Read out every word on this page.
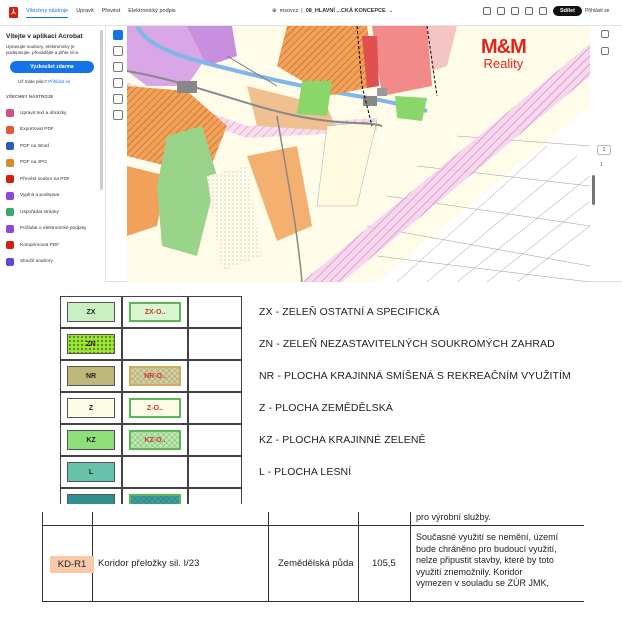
⅄	Všechny nástroje Upravit Převést Elektronický podpis	⊕ msovcz | 08_HLAVNÍ ...CKÁ KONCEPCE ⌄	Sdílet	Přihlásit se
Vítejte v aplikaci Acrobat
Upravujte soubory, elektronicky je podepisujte, převádějte a plňte více.
Vyzkoušet zdarma
Už máte plán? Přihlásit se
VŠECHNY NÁSTROJE
Upravit text a obrázky
Exportovat PDF
PDF na Word
PDF na JPG
Převést soubor na PDF
Vyplnit a podepsat
Uspořádat stránky
Požádat o elektronické podpisy
Komprimovat PDF
Sloučit soubory
M&M
Reality
1
1
ZX	ZX-O..	ZX - ZELEŇ OSTATNÍ A SPECIFICKÁ
ZN	ZN - ZELEŇ NEZASTAVITELNÝCH SOUKROMÝCH ZAHRAD
NR	NR-O..	NR - PLOCHA KRAJINNÁ SMÍŠENÁ S REKREAČNÍM VYUŽITÍM
Z	Z-O..	Z - PLOCHA ZEMĚDĚLSKÁ
KZ	KZ-O..	KZ - PLOCHA KRAJINNÉ ZELENĚ
L	L - PLOCHA LESNÍ
pro výrobní služby.
KD-R1	Koridor přeložky sil. I/23	Zemědělská půda 105,5
Současné využití se nemění, území
bude chráněno pro budoucí využití,
nelze připustit stavby, které by toto
využití znemožnily. Koridor
vymezen v souladu se ZÚR JMK,
